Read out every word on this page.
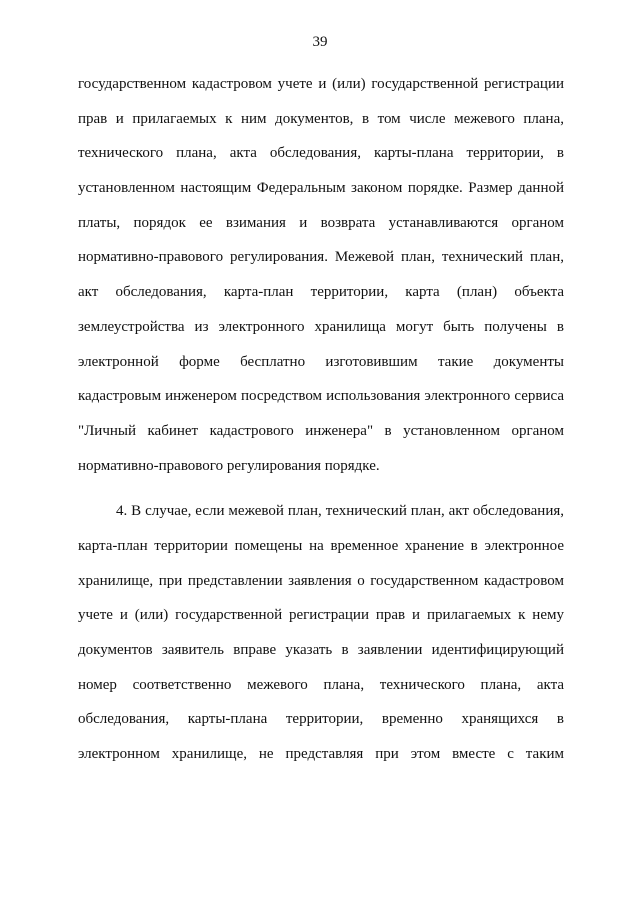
39
государственном кадастровом учете и (или) государственной регистрации
прав и прилагаемых к ним документов, в том числе межевого плана,
технического плана, акта обследования, карты-плана территории, в
установленном настоящим Федеральным законом порядке. Размер данной
платы, порядок ее взимания и возврата устанавливаются органом
нормативно-правового регулирования. Межевой план, технический план,
акт обследования, карта-план территории, карта (план) объекта
землеустройства из электронного хранилища могут быть получены в
электронной форме бесплатно изготовившим такие документы
кадастровым инженером посредством использования электронного сервиса
"Личный кабинет кадастрового инженера" в установленном органом
нормативно-правового регулирования порядке.
4. В случае, если межевой план, технический план, акт обследования,
карта-план территории помещены на временное хранение в электронное
хранилище, при представлении заявления о государственном кадастровом
учете и (или) государственной регистрации прав и прилагаемых к нему
документов заявитель вправе указать в заявлении идентифицирующий
номер соответственно межевого плана, технического плана, акта
обследования, карты-плана территории, временно хранящихся в
электронном хранилище, не представляя при этом вместе с таким
